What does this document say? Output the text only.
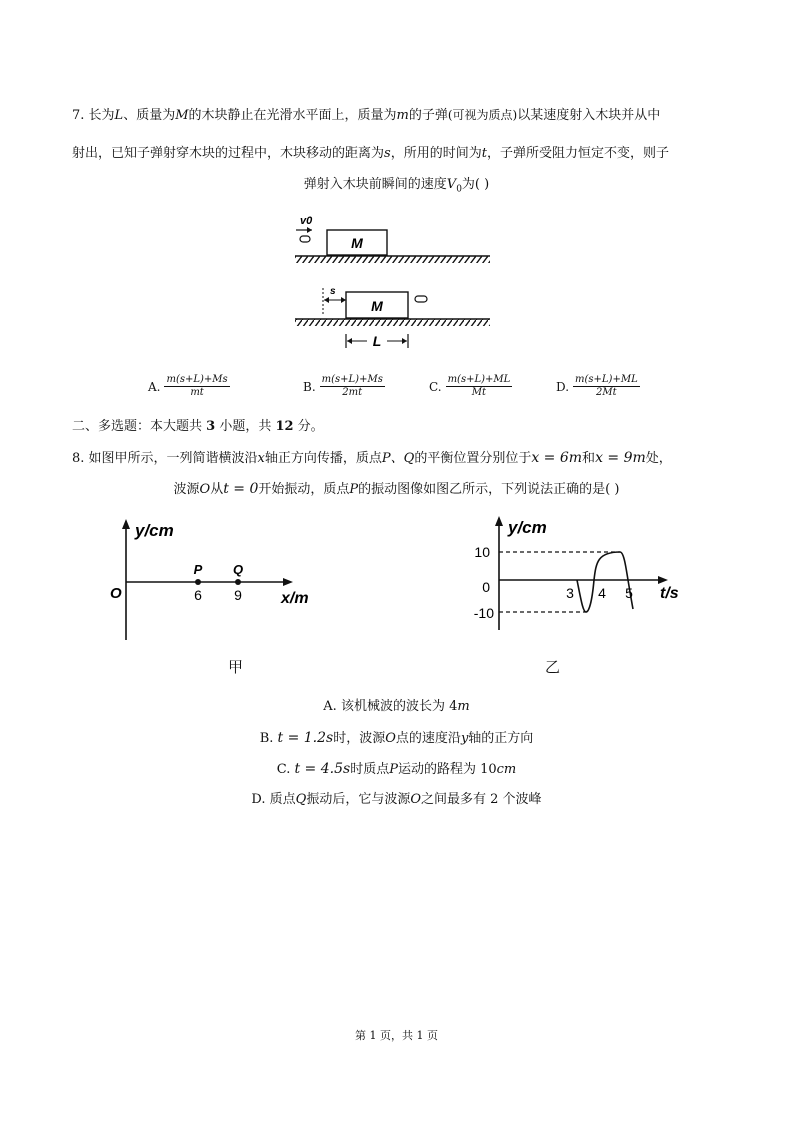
7. 长为L、质量为M的木块静止在光滑水平面上，质量为m的子弹(可视为质点)以某速度射入木块并从中
射出，已知子弹射穿木块的过程中，木块移动的距离为s，所用的时间为t，子弹所受阻力恒定不变，则子
弹射入木块前瞬间的速度$V_0$为( )
v0
M
s
M
L
A. $\frac{m(s+L)+Ms}{mt}$	B. $\frac{m(s+L)+Ms}{2mt}$	C. $\frac{m(s+L)+ML}{Mt}$	D. $\frac{m(s+L)+ML}{2Mt}$
二、多选题：本大题共 3 小题，共 12 分。
8. 如图甲所示，一列简谐横波沿x轴正方向传播，质点P、Q的平衡位置分别位于x = 6m和x = 9m处，
波源O从t = 0开始振动，质点P的振动图像如图乙所示，下列说法正确的是( )
y/cm
x/m
O
P Q
6 9
甲
y/cm
t/s
0
10
-10
3 4 5
乙
A. 该机械波的波长为 4m
B. t = 1.2s时，波源O点的速度沿y轴的正方向
C. t = 4.5s时质点P运动的路程为 10cm
D. 质点Q振动后，它与波源O之间最多有 2 个波峰
第 1 页，共 1 页
